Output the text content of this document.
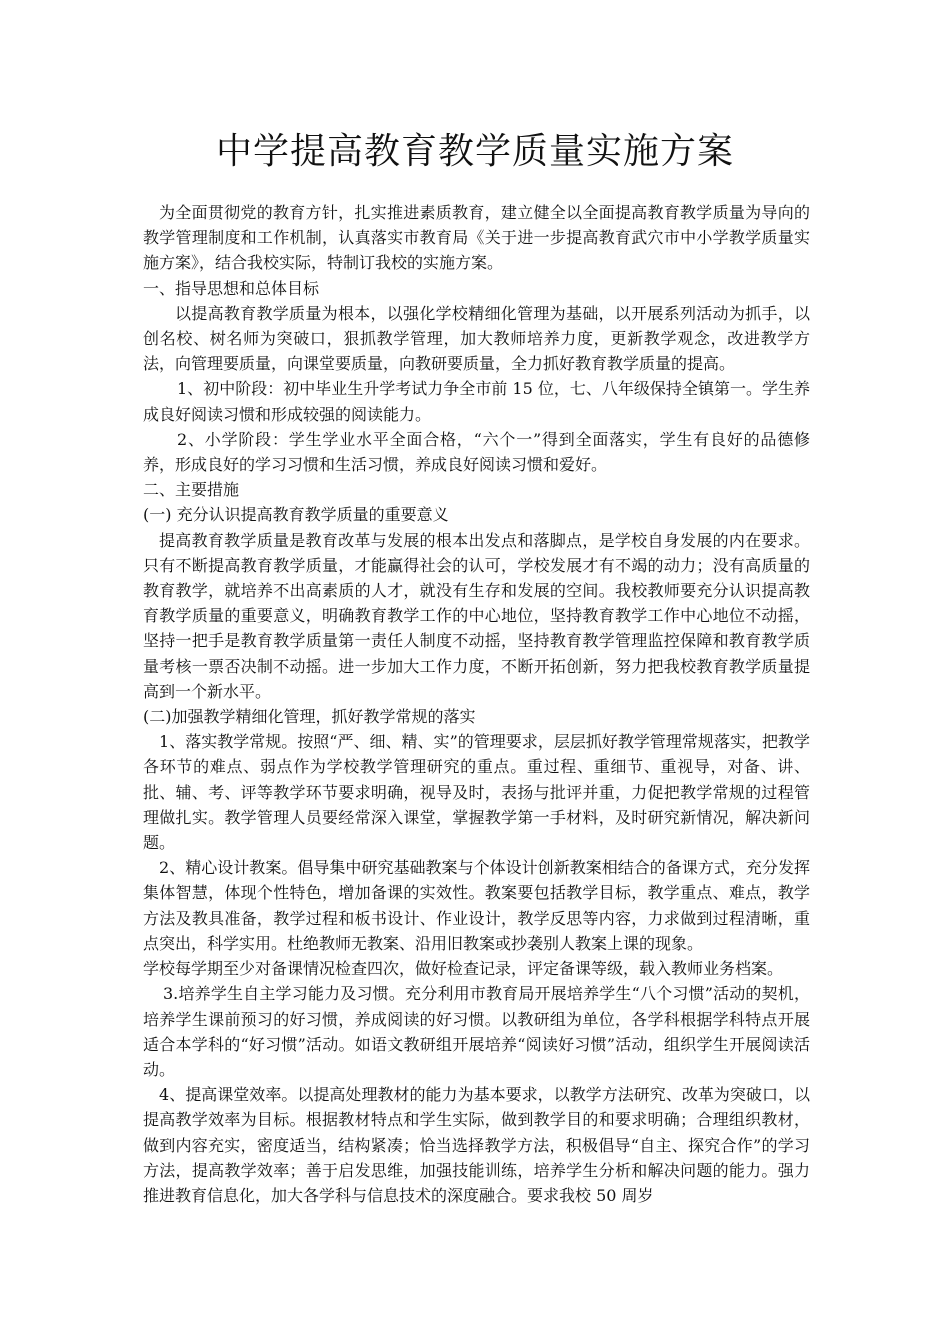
中学提高教育教学质量实施方案

为全面贯彻党的教育方针，扎实推进素质教育，建立健全以全面提高教育教学质量为导向的教学管理制度和工作机制，认真落实市教育局《关于进一步提高教育武穴市中小学教学质量实施方案》，结合我校实际，特制订我校的实施方案。

一、指导思想和总体目标

以提高教育教学质量为根本，以强化学校精细化管理为基础，以开展系列活动为抓手，以创名校、树名师为突破口，狠抓教学管理，加大教师培养力度，更新教学观念，改进教学方法，向管理要质量，向课堂要质量，向教研要质量，全力抓好教育教学质量的提高。

1、初中阶段：初中毕业生升学考试力争全市前 15 位，七、八年级保持全镇第一。学生养成良好阅读习惯和形成较强的阅读能力。

2、小学阶段：学生学业水平全面合格，“六个一”得到全面落实，学生有良好的品德修养，形成良好的学习习惯和生活习惯，养成良好阅读习惯和爱好。

二、主要措施

(一) 充分认识提高教育教学质量的重要意义

提高教育教学质量是教育改革与发展的根本出发点和落脚点，是学校自身发展的内在要求。只有不断提高教育教学质量，才能赢得社会的认可，学校发展才有不竭的动力；没有高质量的教育教学，就培养不出高素质的人才，就没有生存和发展的空间。我校教师要充分认识提高教育教学质量的重要意义，明确教育教学工作的中心地位，坚持教育教学工作中心地位不动摇，坚持一把手是教育教学质量第一责任人制度不动摇，坚持教育教学管理监控保障和教育教学质量考核一票否决制不动摇。进一步加大工作力度，不断开拓创新，努力把我校教育教学质量提高到一个新水平。

(二)加强教学精细化管理，抓好教学常规的落实

1、落实教学常规。按照“严、细、精、实”的管理要求，层层抓好教学管理常规落实，把教学各环节的难点、弱点作为学校教学管理研究的重点。重过程、重细节、重视导，对备、讲、批、辅、考、评等教学环节要求明确，视导及时，表扬与批评并重，力促把教学常规的过程管理做扎实。教学管理人员要经常深入课堂，掌握教学第一手材料，及时研究新情况，解决新问题。

2、精心设计教案。倡导集中研究基础教案与个体设计创新教案相结合的备课方式，充分发挥集体智慧，体现个性特色，增加备课的实效性。教案要包括教学目标，教学重点、难点，教学方法及教具准备，教学过程和板书设计、作业设计，教学反思等内容，力求做到过程清晰，重点突出，科学实用。杜绝教师无教案、沿用旧教案或抄袭别人教案上课的现象。

学校每学期至少对备课情况检查四次，做好检查记录，评定备课等级，载入教师业务档案。

3.培养学生自主学习能力及习惯。充分利用市教育局开展培养学生“八个习惯”活动的契机，培养学生课前预习的好习惯，养成阅读的好习惯。以教研组为单位，各学科根据学科特点开展适合本学科的“好习惯”活动。如语文教研组开展培养“阅读好习惯”活动，组织学生开展阅读活动。

4、提高课堂效率。以提高处理教材的能力为基本要求，以教学方法研究、改革为突破口，以提高教学效率为目标。根据教材特点和学生实际，做到教学目的和要求明确；合理组织教材，做到内容充实，密度适当，结构紧凑；恰当选择教学方法，积极倡导“自主、探究合作”的学习方法，提高教学效率；善于启发思维，加强技能训练，培养学生分析和解决问题的能力。强力推进教育信息化，加大各学科与信息技术的深度融合。要求我校 50 周岁
